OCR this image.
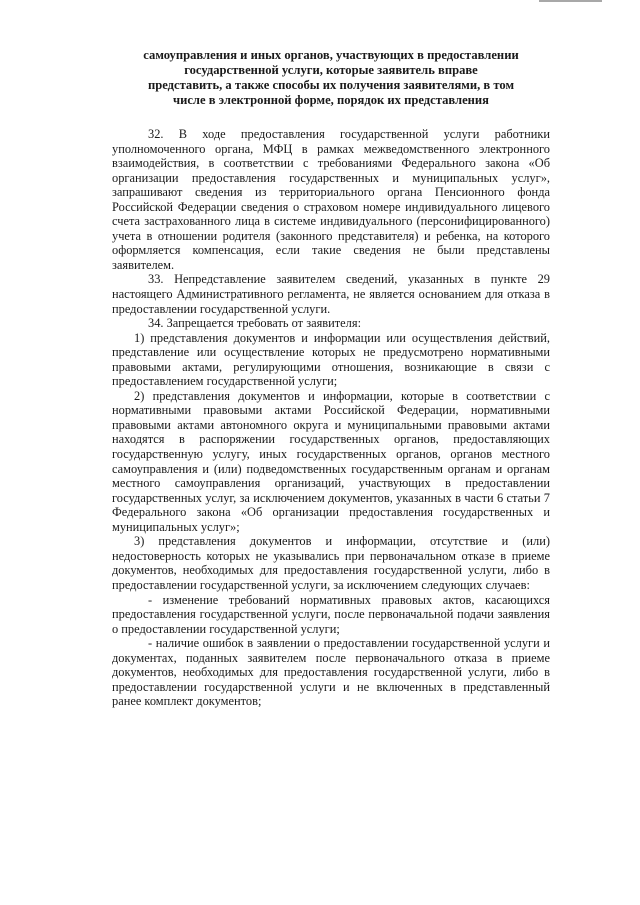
самоуправления и иных органов, участвующих в предоставлении
государственной услуги, которые заявитель вправе
представить, а также способы их получения заявителями, в том
числе в электронной форме, порядок их представления

32. В ходе предоставления государственной услуги работники уполномоченного органа, МФЦ в рамках межведомственного электронного взаимодействия, в соответствии с требованиями Федерального закона «Об организации предоставления государственных и муниципальных услуг», запрашивают сведения из территориального органа Пенсионного фонда Российской Федерации сведения о страховом номере индивидуального лицевого счета застрахованного лица в системе индивидуального (персонифицированного) учета в отношении родителя (законного представителя) и ребенка, на которого оформляется компенсация, если такие сведения не были представлены заявителем.

33. Непредставление заявителем сведений, указанных в пункте 29 настоящего Административного регламента, не является основанием для отказа в предоставлении государственной услуги.

34. Запрещается требовать от заявителя:

1) представления документов и информации или осуществления действий, представление или осуществление которых не предусмотрено нормативными правовыми актами, регулирующими отношения, возникающие в связи с предоставлением государственной услуги;

2) представления документов и информации, которые в соответствии с нормативными правовыми актами Российской Федерации, нормативными правовыми актами автономного округа и муниципальными правовыми актами находятся в распоряжении государственных органов, предоставляющих государственную услугу, иных государственных органов, органов местного самоуправления и (или) подведомственных государственным органам и органам местного самоуправления организаций, участвующих в предоставлении государственных услуг, за исключением документов, указанных в части 6 статьи 7 Федерального закона «Об организации предоставления государственных и муниципальных услуг»;

3) представления документов и информации, отсутствие и (или) недостоверность которых не указывались при первоначальном отказе в приеме документов, необходимых для предоставления государственной услуги, либо в предоставлении государственной услуги, за исключением следующих случаев:

- изменение требований нормативных правовых актов, касающихся предоставления государственной услуги, после первоначальной подачи заявления о предоставлении государственной услуги;

- наличие ошибок в заявлении о предоставлении государственной услуги и документах, поданных заявителем после первоначального отказа в приеме документов, необходимых для предоставления государственной услуги, либо в предоставлении государственной услуги и не включенных в представленный ранее комплект документов;
